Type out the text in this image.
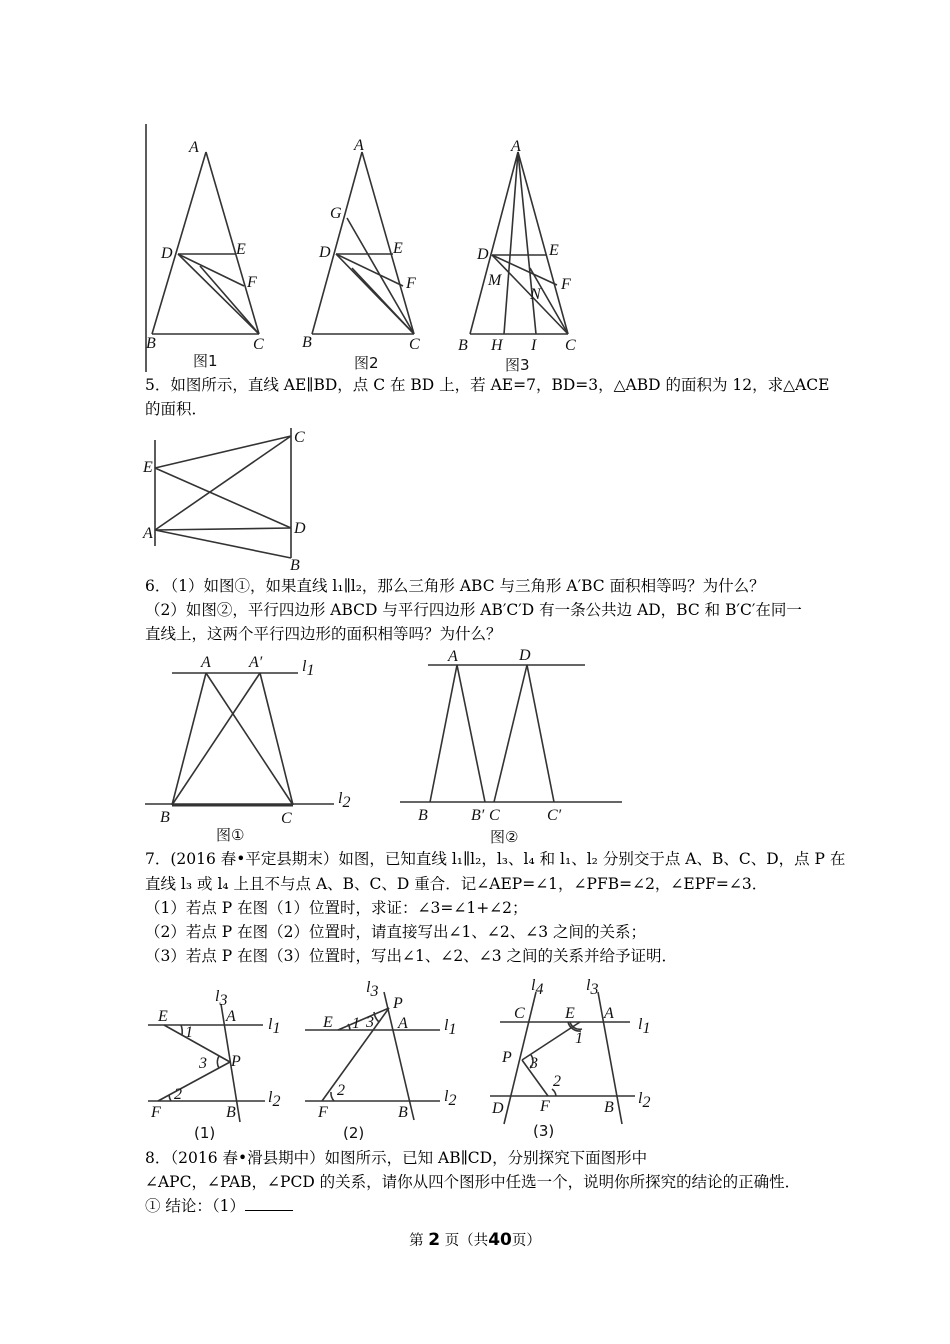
A
D	E
F
B	C
图1
A
G
D	E
F
B	C
图2
A
D	E
M
N
F
B H I C
图3
E
A
C
D
B
A A′ l1
l2
B	C
图①
A	D
B	B′ C	C′
图②
E
l3
A l1
1
3 P
2	l2
F	B
(1)
l3
P
E 1 3 A l1
2	l2
F	B
(2)
l4	l3
C	E A
l1
1
P 3
2
l2
D F	B
(3)
5．如图所示，直线 AE∥BD，点 C 在 BD 上，若 AE=7，BD=3，△ABD 的面积为 12，求△ACE
的面积．
6．（1）如图①，如果直线 l₁∥l₂，那么三角形 ABC 与三角形 A′BC 面积相等吗？为什么？
（2）如图②，平行四边形 ABCD 与平行四边形 AB′C′D 有一条公共边 AD，BC 和 B′C′在同一
直线上，这两个平行四边形的面积相等吗？为什么？
7．(2016 春•平定县期末）如图，已知直线 l₁∥l₂，l₃、l₄ 和 l₁、l₂ 分别交于点 A、B、C、D，点 P 在
直线 l₃ 或 l₄ 上且不与点 A、B、C、D 重合．记∠AEP=∠1，∠PFB=∠2，∠EPF=∠3．
（1）若点 P 在图（1）位置时，求证：∠3=∠1+∠2；
（2）若点 P 在图（2）位置时，请直接写出∠1、∠2、∠3 之间的关系；
（3）若点 P 在图（3）位置时，写出∠1、∠2、∠3 之间的关系并给予证明．
8．（2016 春•滑县期中）如图所示，已知 AB∥CD，分别探究下面图形中
∠APC，∠PAB，∠PCD 的关系，请你从四个图形中任选一个，说明你所探究的结论的正确性．
① 结论：（1）
第 2 页（共40页）
